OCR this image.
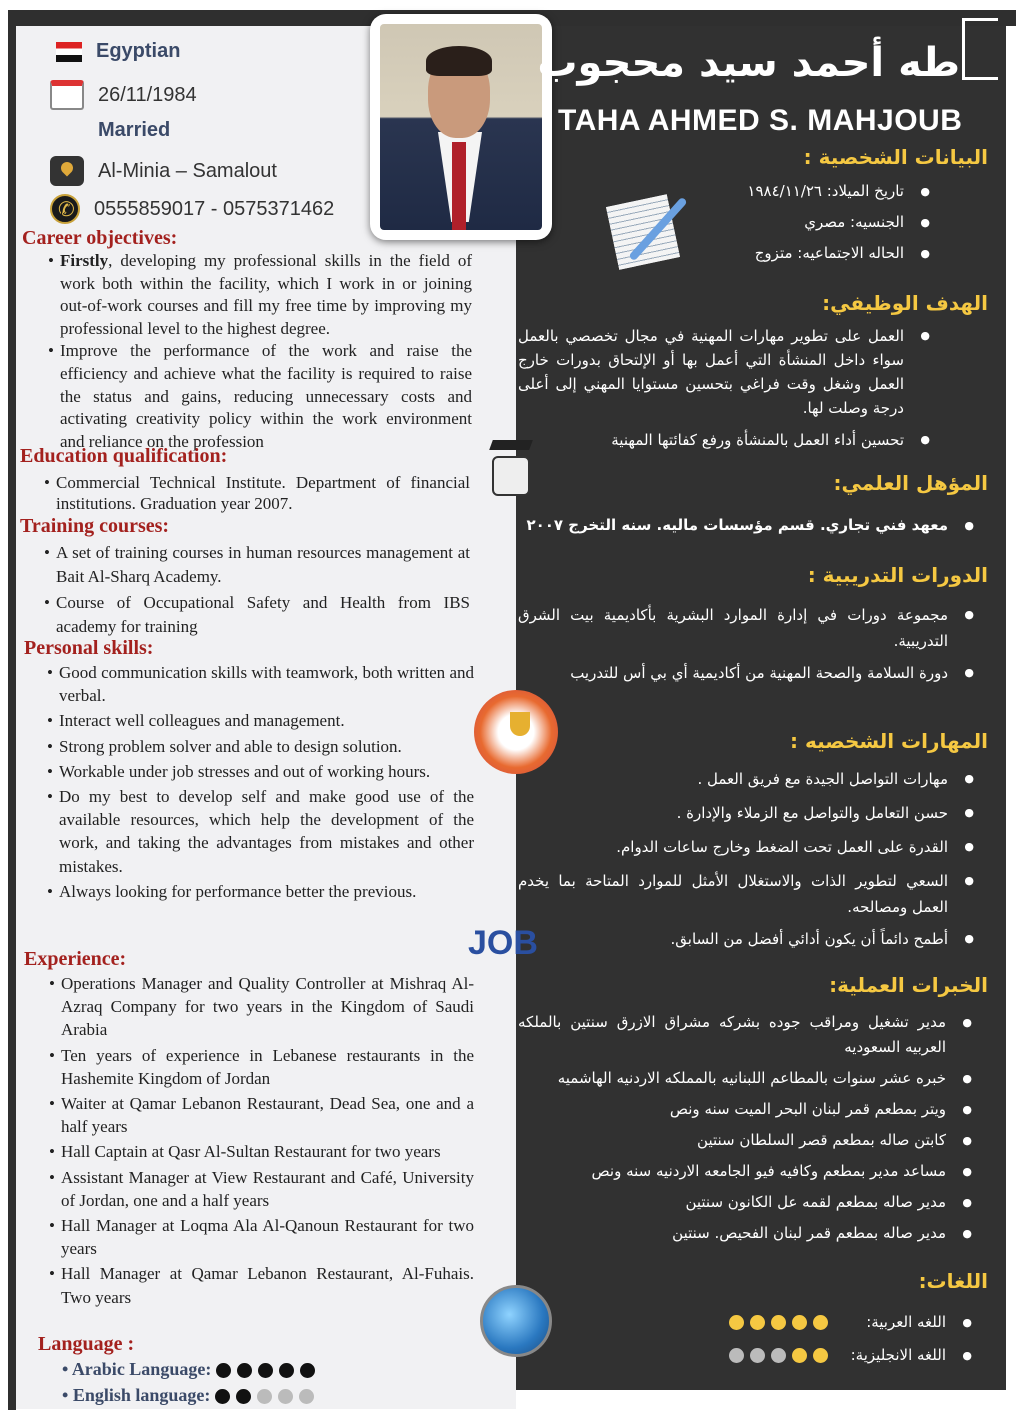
طه أحمد سيد محجوب
TAHA AHMED S. MAHJOUB
Egyptian
26/11/1984
Married
Al-Minia – Samalout
✆
0555859017 - 0575371462
Career objectives:
• Firstly, developing my professional skills in the field of work both within the facility, which I work in or joining out-of-work courses and fill my free time by improving my professional level to the highest degree.
• Improve the performance of the work and raise the efficiency and achieve what the facility is required to raise the status and gains, reducing unnecessary costs and activating creativity policy within the work environment and reliance on the profession
Education qualification:
• Commercial Technical Institute. Department of financial institutions. Graduation year 2007.
Training courses:
• A set of training courses in human resources management at Bait Al-Sharq Academy.
• Course of Occupational Safety and Health from IBS academy for training
Personal skills:
• Good communication skills with teamwork, both written and verbal.
• Interact well colleagues and management.
• Strong problem solver and able to design solution.
• Workable under job stresses and out of working hours.
• Do my best to develop self and make good use of the available resources, which help the development of the work, and taking the advantages from mistakes and other mistakes.
• Always looking for performance better the previous.
Experience:
• Operations Manager and Quality Controller at Mishraq Al-Azraq Company for two years in the Kingdom of Saudi Arabia
• Ten years of experience in Lebanese restaurants in the Hashemite Kingdom of Jordan
• Waiter at Qamar Lebanon Restaurant, Dead Sea, one and a half years
• Hall Captain at Qasr Al-Sultan Restaurant for two years
• Assistant Manager at View Restaurant and Café, University of Jordan, one and a half years
• Hall Manager at Loqma Ala Al-Qanoun Restaurant for two years
• Hall Manager at Qamar Lebanon Restaurant, Al-Fuhais. Two years
Language :
• Arabic Language:
• English language:
البيانات الشخصية :
● تاريخ الميلاد: ١٩٨٤/١١/٢٦
● الجنسيه: مصري
● الحاله الاجتماعيه: متزوج
الهدف الوظيفي:
● العمل على تطوير مهارات المهنية في مجال تخصصي بالعمل سواء داخل المنشأة التي أعمل بها أو الإلتحاق بدورات خارج العمل وشغل وقت فراغي بتحسين مستوايا المهني إلى أعلى درجة وصلت لها.
● تحسين أداء العمل بالمنشأة ورفع كفائتها المهنية
المؤهل العلمي:
● معهد فني تجاري. قسم مؤسسات ماليه. سنه التخرج ٢٠٠٧
الدورات التدريبية :
● مجموعة دورات في إدارة الموارد البشرية بأكاديمية بيت الشرق التدريبية.
● دورة السلامة والصحة المهنية من أكاديمية أي بي أس للتدريب
المهارات الشخصيه :
● مهارات التواصل الجيدة مع فريق العمل .
● حسن التعامل والتواصل مع الزملاء والإدارة .
● القدرة على العمل تحت الضغط وخارج ساعات الدوام.
● السعي لتطوير الذات والاستغلال الأمثل للموارد المتاحة بما يخدم العمل ومصالحه.
● أطمح دائماً أن يكون أدائي أفضل من السابق.
الخبرات العملية:
● مدير تشغيل ومراقب جوده بشركه مشراق الازرق سنتين بالملكه العربيه السعوديه
● خبره عشر سنوات بالمطاعم اللبنانيه بالمملكه الاردنيه الهاشميه
● ويتر بمطعم قمر لبنان البحر الميت سنه ونص
● كابتن صاله بمطعم قصر السلطان سنتين
● مساعد مدير بمطعم وكافيه فيو الجامعه الاردنيه سنه ونص
● مدير صاله بمطعم لقمه عل الكانون سنتين
● مدير صاله بمطعم قمر لبنان الفحيص. سنتين
اللغات:
● اللغه العربية:
● اللغه الانجليزية:
JOB
